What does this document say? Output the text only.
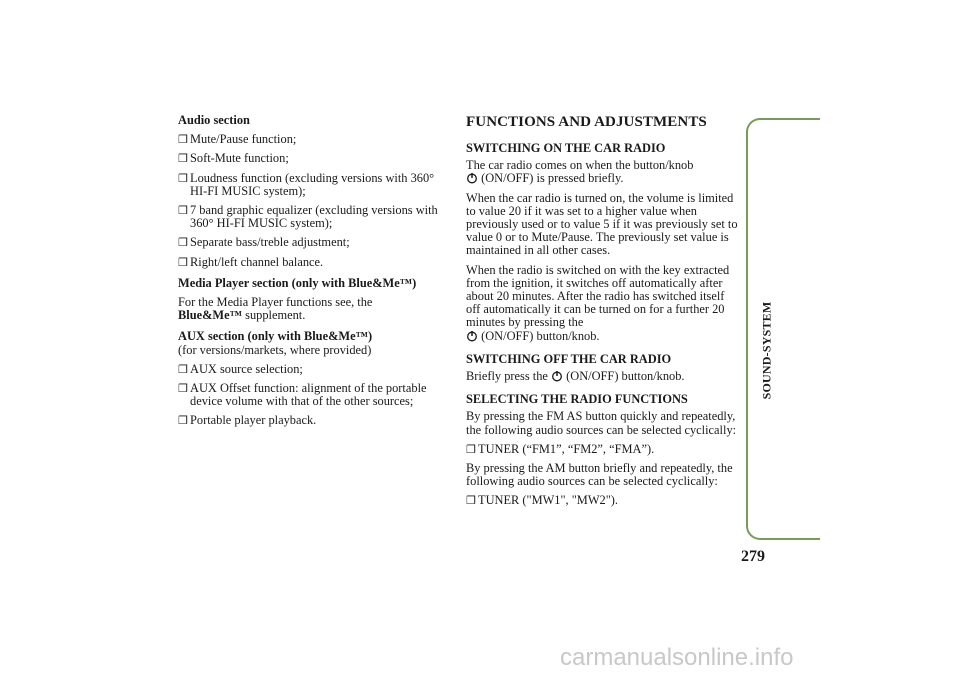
Audio section

❒ Mute/Pause function;
❒ Soft-Mute function;
❒ Loudness function (excluding versions with 360° HI-FI MUSIC system);
❒ 7 band graphic equalizer (excluding versions with 360° HI-FI MUSIC system);
❒ Separate bass/treble adjustment;
❒ Right/left channel balance.

Media Player section (only with Blue&Me™)

For the Media Player functions see, the
Blue&Me™ supplement.

AUX section (only with Blue&Me™)

(for versions/markets, where provided)

❒ AUX source selection;
❒ AUX Offset function: alignment of the portable device volume with that of the other sources;
❒ Portable player playback.
FUNCTIONS AND ADJUSTMENTS

SWITCHING ON THE CAR RADIO

The car radio comes on when the button/knob

(ON/OFF) is pressed briefly.

When the car radio is turned on, the volume is limited to value 20 if it was set to a higher value when previously used or to value 5 if it was previously set to value 0 or to Mute/Pause. The previously set value is maintained in all other cases.

When the radio is switched on with the key extracted from the ignition, it switches off automatically after about 20 minutes. After the radio has switched itself off automatically it can be turned on for a further 20 minutes by pressing the

(ON/OFF) button/knob.

SWITCHING OFF THE CAR RADIO

Briefly press the (ON/OFF) button/knob.

SELECTING THE RADIO FUNCTIONS

By pressing the FM AS button quickly and repeatedly, the following audio sources can be selected cyclically:

❒ TUNER (“FM1”, “FM2”, “FMA”).

By pressing the AM button briefly and repeatedly, the following audio sources can be selected cyclically:

❒ TUNER ("MW1", "MW2").
SOUND-SYSTEM
279
carmanualsonline.info
